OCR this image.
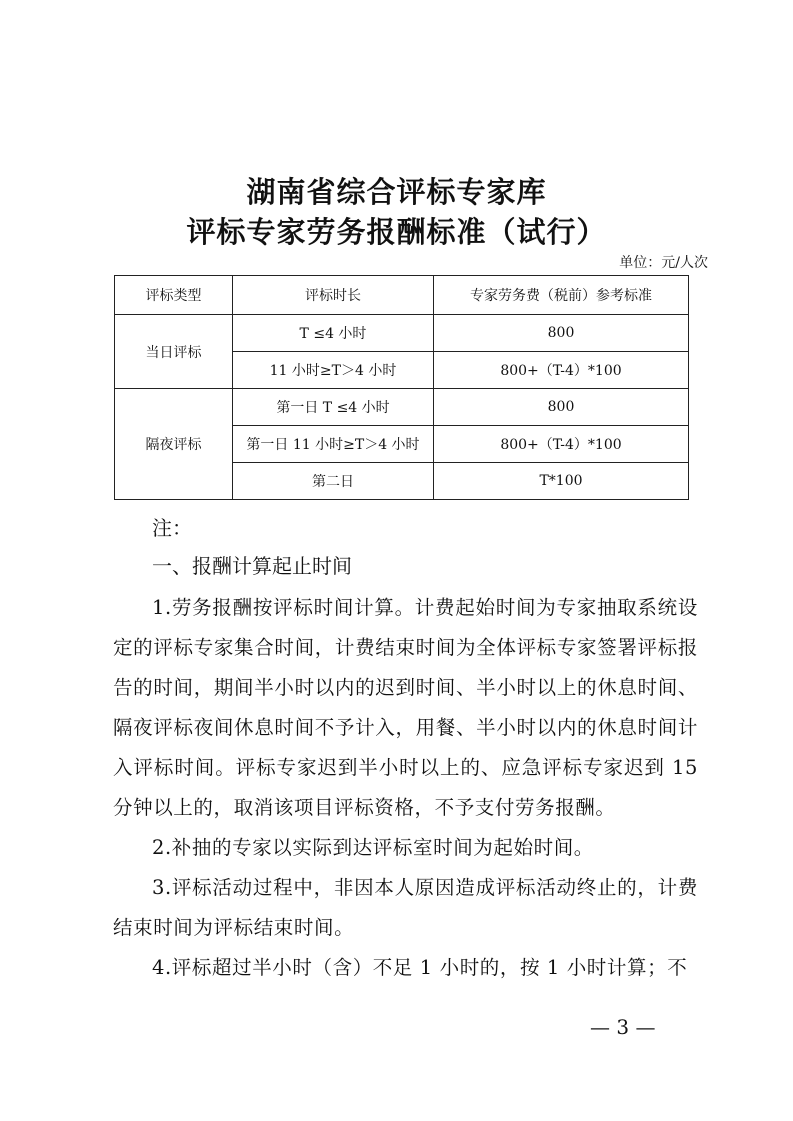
湖南省综合评标专家库
评标专家劳务报酬标准（试行）
单位：元/人次
评标类型	评标时长	专家劳务费（税前）参考标准
当日评标	T ≤4 小时	800
	11 小时≥T＞4 小时	800+（T-4）*100
隔夜评标	第一日 T ≤4 小时	800
	第一日 11 小时≥T＞4 小时	800+（T-4）*100
	第二日	T*100
注：
一、报酬计算起止时间

1.劳务报酬按评标时间计算。计费起始时间为专家抽取系统设定的评标专家集合时间，计费结束时间为全体评标专家签署评标报告的时间，期间半小时以内的迟到时间、半小时以上的休息时间、隔夜评标夜间休息时间不予计入，用餐、半小时以内的休息时间计入评标时间。评标专家迟到半小时以上的、应急评标专家迟到 15 分钟以上的，取消该项目评标资格，不予支付劳务报酬。

2.补抽的专家以实际到达评标室时间为起始时间。

3.评标活动过程中，非因本人原因造成评标活动终止的，计费结束时间为评标结束时间。

4.评标超过半小时（含）不足 1 小时的，按 1 小时计算；不

— 3 —
